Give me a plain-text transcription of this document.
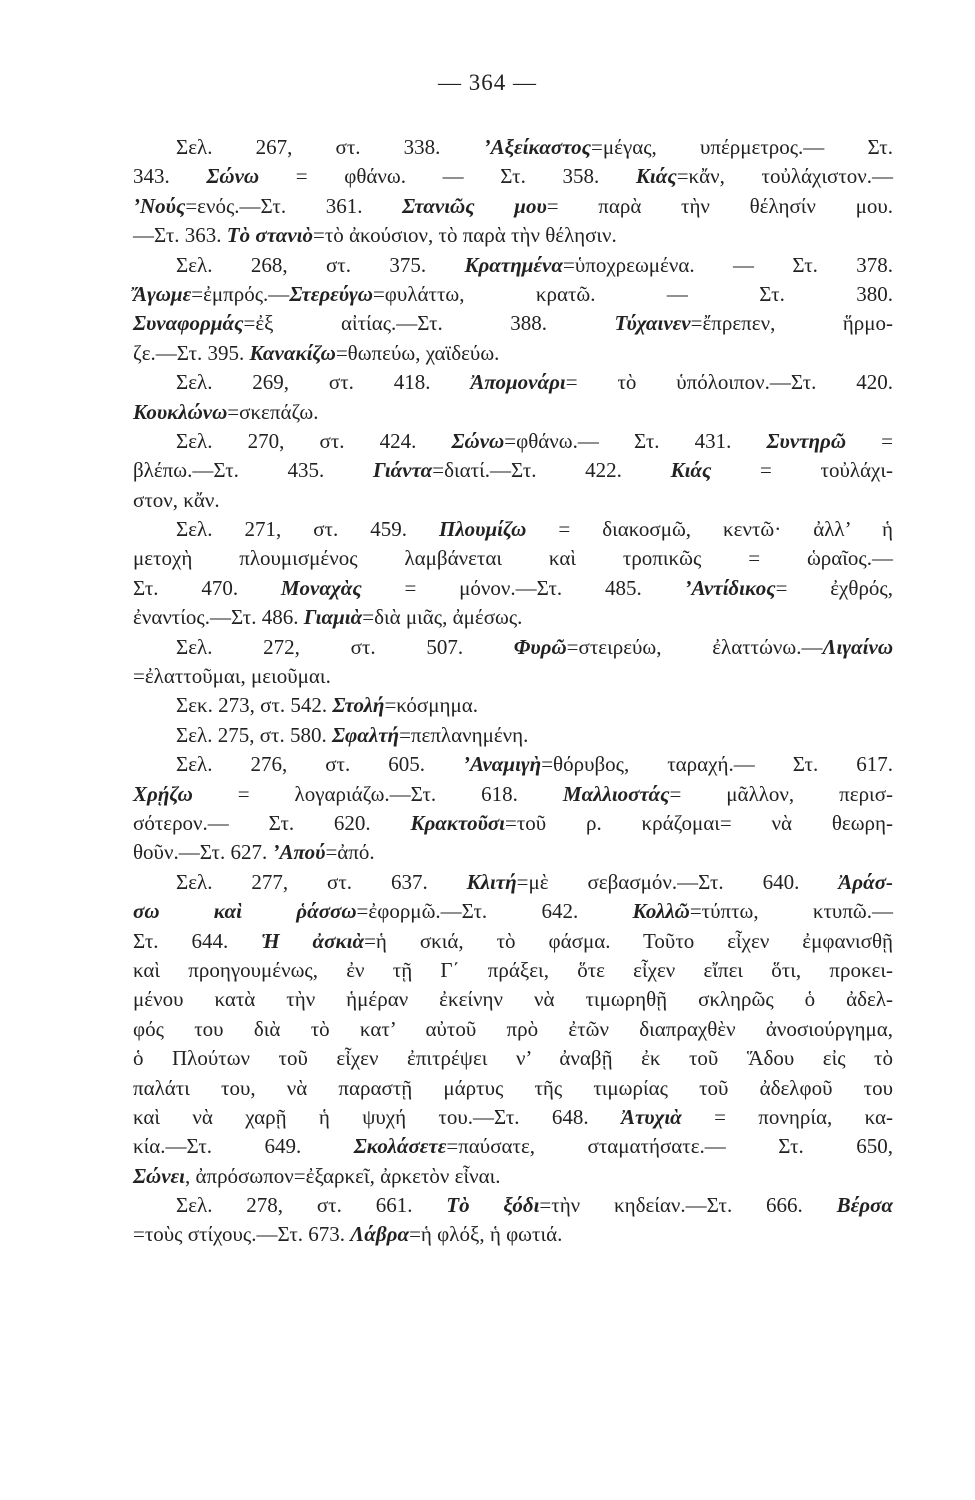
— 364 —
Σελ. 267, στ. 338. ’Αξείκαστος=μέγας, υπέρμετρος.— Στ.
343. Σώνω = φθάνω. — Στ. 358. Κιάς=κἄν, τοὐλάχιστον.—
’Νούς=ενός.—Στ. 361. Στανιῶς μου= παρὰ τὴν θέλησίν μου.
—Στ. 363. Τὸ στανιὸ=τὸ ἀκούσιον, τὸ παρὰ τὴν θέλησιν.
Σελ. 268, στ. 375. Κρατημένα=ὑποχρεωμένα. — Στ. 378.
Ἄγωμε=ἐμπρός.—Στερεύγω=φυλάττω, κρατῶ. — Στ. 380.
Συναφορμάς=ἐξ αἰτίας.—Στ. 388. Τύχαινεν=ἔπρεπεν, ἥρμο-
ζε.—Στ. 395. Κανακίζω=θωπεύω, χαϊδεύω.
Σελ. 269, στ. 418. Ἀπομονάρι= τὸ ὑπόλοιπον.—Στ. 420.
Κουκλώνω=σκεπάζω.
Σελ. 270, στ. 424. Σώνω=φθάνω.— Στ. 431. Συντηρῶ =
βλέπω.—Στ. 435. Γιάντα=διατί.—Στ. 422. Κιάς = τοὐλάχι-
στον, κἄν.
Σελ. 271, στ. 459. Πλουμίζω = διακοσμῶ, κεντῶ· ἀλλ’ ἡ
μετοχὴ πλουμισμένος λαμβάνεται καὶ τροπικῶς = ὡραῖος.—
Στ. 470. Μοναχὰς = μόνον.—Στ. 485. ’Αντίδικος= ἐχθρός,
ἐναντίος.—Στ. 486. Γιαμιὰ=διὰ μιᾶς, ἀμέσως.
Σελ. 272, στ. 507. Φυρῶ=στειρεύω, ἐλαττώνω.—Λιγαίνω
=ἐλαττοῦμαι, μειοῦμαι.
Σεκ. 273, στ. 542. Στολή=κόσμημα.
Σελ. 275, στ. 580. Σφαλτή=πεπλανημένη.
Σελ. 276, στ. 605. ’Αναμιγὴ=θόρυβος, ταραχή.— Στ. 617.
Χρῄζω = λογαριάζω.—Στ. 618. Μαλλιοστάς= μᾶλλον, περισ-
σότερον.— Στ. 620. Κρακτοῦσι=τοῦ ρ. κράζομαι= νὰ θεωρη-
θοῦν.—Στ. 627. ’Απού=ἀπό.
Σελ. 277, στ. 637. Κλιτή=μὲ σεβασμόν.—Στ. 640. Ἀράσ-
σω καὶ ῥάσσω=ἐφορμῶ.—Στ. 642. Κολλῶ=τύπτω, κτυπῶ.—
Στ. 644. Ἡ ἀσκιὰ=ἡ σκιά, τὸ φάσμα. Τοῦτο εἶχεν ἐμφανισθῇ
καὶ προηγουμένως, ἐν τῇ Γ΄ πράξει, ὅτε εἶχεν εἴπει ὅτι, προκει-
μένου κατὰ τὴν ἡμέραν ἐκείνην νὰ τιμωρηθῇ σκληρῶς ὁ ἀδελ-
φός του διὰ τὸ κατ’ αὐτοῦ πρὸ ἐτῶν διαπραχθὲν ἀνοσιούργημα,
ὁ Πλούτων τοῦ εἶχεν ἐπιτρέψει ν’ ἀναβῇ ἐκ τοῦ Ἅδου εἰς τὸ
παλάτι του, νὰ παραστῇ μάρτυς τῆς τιμωρίας τοῦ ἀδελφοῦ του
καὶ νὰ χαρῇ ἡ ψυχή του.—Στ. 648. Ἀτυχιὰ = πονηρία, κα-
κία.—Στ. 649. Σκολάσετε=παύσατε, σταματήσατε.— Στ. 650,
Σώνει, ἀπρόσωπον=ἐξαρκεῖ, ἀρκετὸν εἶναι.
Σελ. 278, στ. 661. Τὸ ξόδι=τὴν κηδείαν.—Στ. 666. Βέρσα
=τοὺς στίχους.—Στ. 673. Λάβρα=ἡ φλόξ, ἡ φωτιά.
